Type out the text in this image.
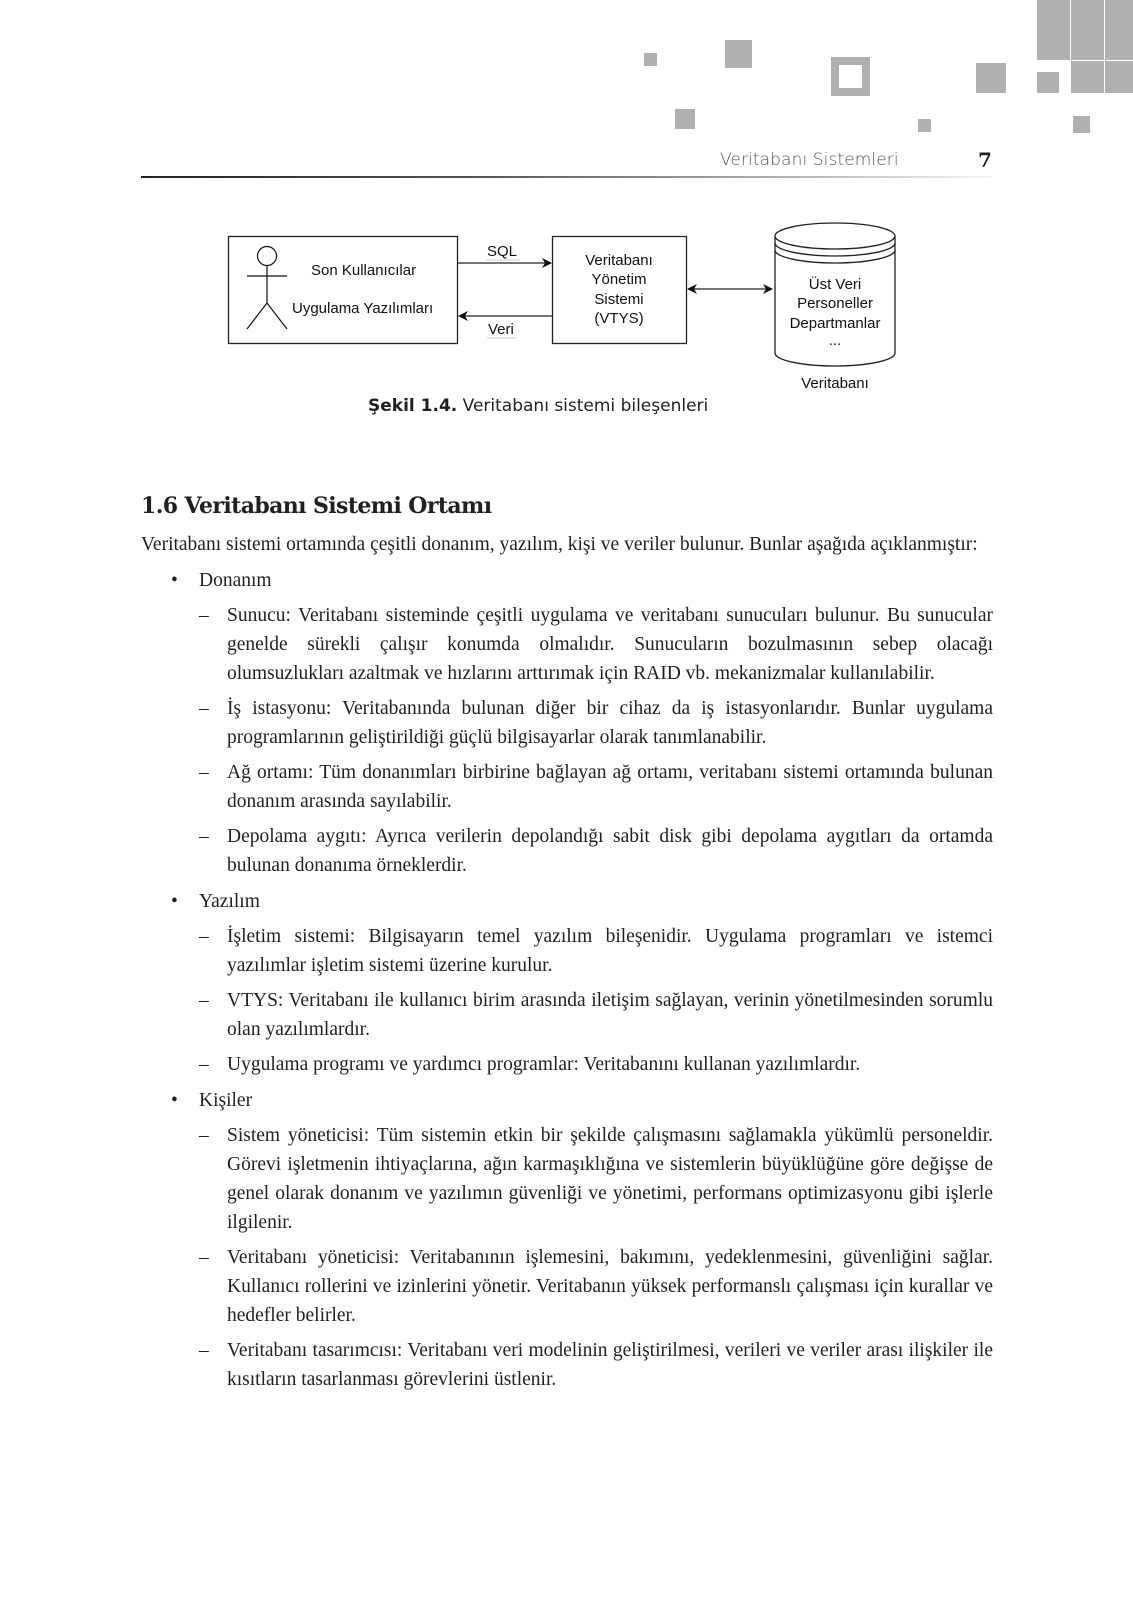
Veritabanı Sistemleri	7
Son Kullanıcılar
Uygulama Yazılımları
SQL
Veri
Veritabanı
Yönetim
Sistemi
(VTYS)
Üst Veri
Personeller
Departmanlar
...
Veritabanı
Şekil 1.4. Veritabanı sistemi bileşenleri
1.6 Veritabanı Sistemi Ortamı

Veritabanı sistemi ortamında çeşitli donanım, yazılım, kişi ve veriler bulunur. Bunlar aşağıda açıklanmıştır:

• Donanım
– Sunucu: Veritabanı sisteminde çeşitli uygulama ve veritabanı sunucuları bulunur. Bu sunucular genelde sürekli çalışır konumda olmalıdır. Sunucuların bozulmasının sebep olacağı olumsuzlukları azaltmak ve hızlarını arttırımak için RAID vb. mekanizmalar kullanılabilir.
– İş istasyonu: Veritabanında bulunan diğer bir cihaz da iş istasyonlarıdır. Bunlar uygulama programlarının geliştirildiği güçlü bilgisayarlar olarak tanımlanabilir.
– Ağ ortamı: Tüm donanımları birbirine bağlayan ağ ortamı, veritabanı sistemi ortamında bulunan donanım arasında sayılabilir.
– Depolama aygıtı: Ayrıca verilerin depolandığı sabit disk gibi depolama aygıtları da ortamda bulunan donanıma örneklerdir.
• Yazılım
– İşletim sistemi: Bilgisayarın temel yazılım bileşenidir. Uygulama programları ve istemci yazılımlar işletim sistemi üzerine kurulur.
– VTYS: Veritabanı ile kullanıcı birim arasında iletişim sağlayan, verinin yönetilmesinden sorumlu olan yazılımlardır.
– Uygulama programı ve yardımcı programlar: Veritabanını kullanan yazılımlardır.
• Kişiler
– Sistem yöneticisi: Tüm sistemin etkin bir şekilde çalışmasını sağlamakla yükümlü personeldir. Görevi işletmenin ihtiyaçlarına, ağın karmaşıklığına ve sistemlerin büyüklüğüne göre değişse de genel olarak donanım ve yazılımın güvenliği ve yönetimi, performans optimizasyonu gibi işlerle ilgilenir.
– Veritabanı yöneticisi: Veritabanının işlemesini, bakımını, yedeklenmesini, güvenliğini sağlar. Kullanıcı rollerini ve izinlerini yönetir. Veritabanın yüksek performanslı çalışması için kurallar ve hedefler belirler.
– Veritabanı tasarımcısı: Veritabanı veri modelinin geliştirilmesi, verileri ve veriler arası ilişkiler ile kısıtların tasarlanması görevlerini üstlenir.
